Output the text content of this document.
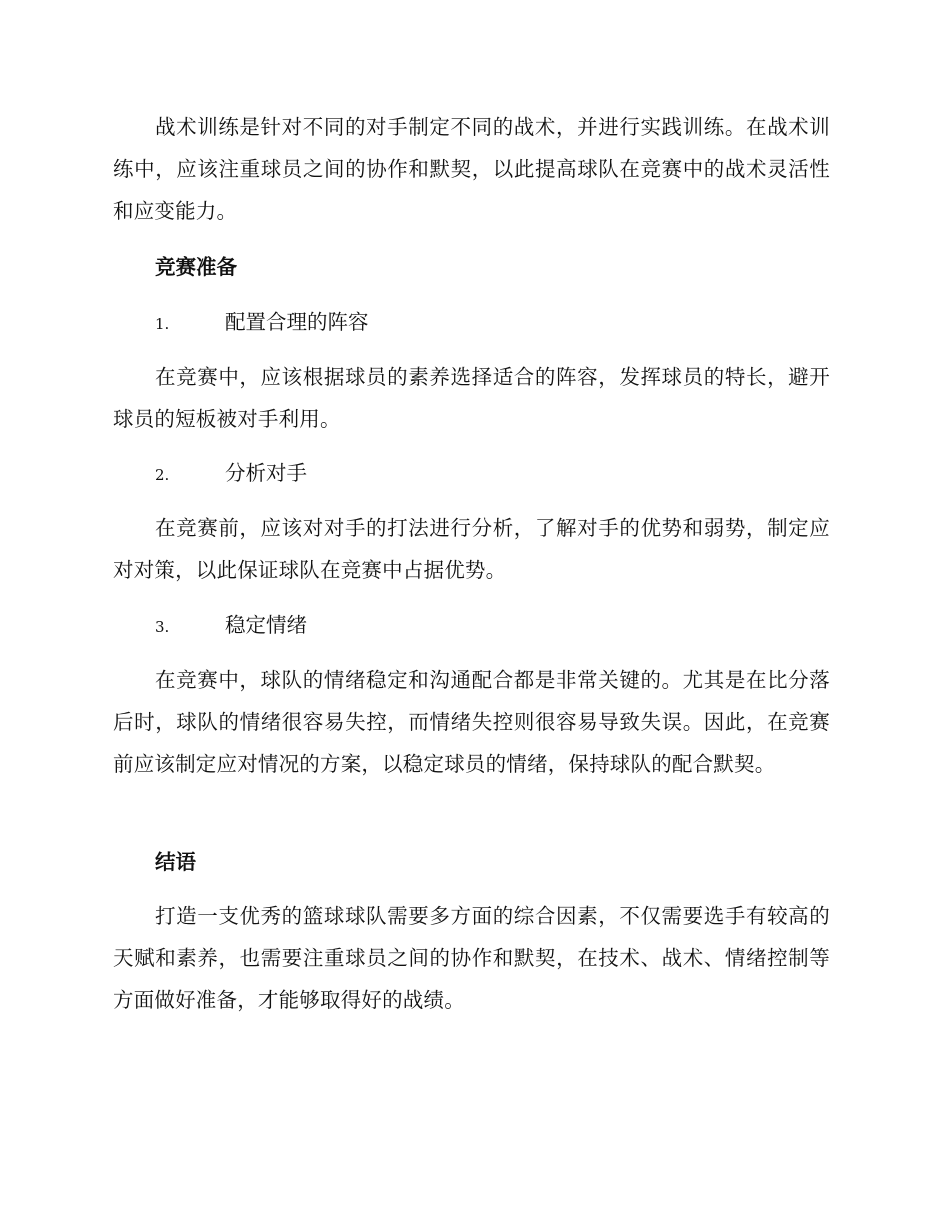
战术训练是针对不同的对手制定不同的战术，并进行实践训练。在战术训练中，应该注重球员之间的协作和默契，以此提高球队在竞赛中的战术灵活性和应变能力。

竞赛准备
1.	配置合理的阵容

在竞赛中，应该根据球员的素养选择适合的阵容，发挥球员的特长，避开球员的短板被对手利用。

2.	分析对手

在竞赛前，应该对对手的打法进行分析，了解对手的优势和弱势，制定应对对策，以此保证球队在竞赛中占据优势。

3.	稳定情绪

在竞赛中，球队的情绪稳定和沟通配合都是非常关键的。尤其是在比分落后时，球队的情绪很容易失控，而情绪失控则很容易导致失误。因此，在竞赛前应该制定应对情况的方案，以稳定球员的情绪，保持球队的配合默契。

结语

打造一支优秀的篮球球队需要多方面的综合因素，不仅需要选手有较高的天赋和素养，也需要注重球员之间的协作和默契，在技术、战术、情绪控制等方面做好准备，才能够取得好的战绩。
